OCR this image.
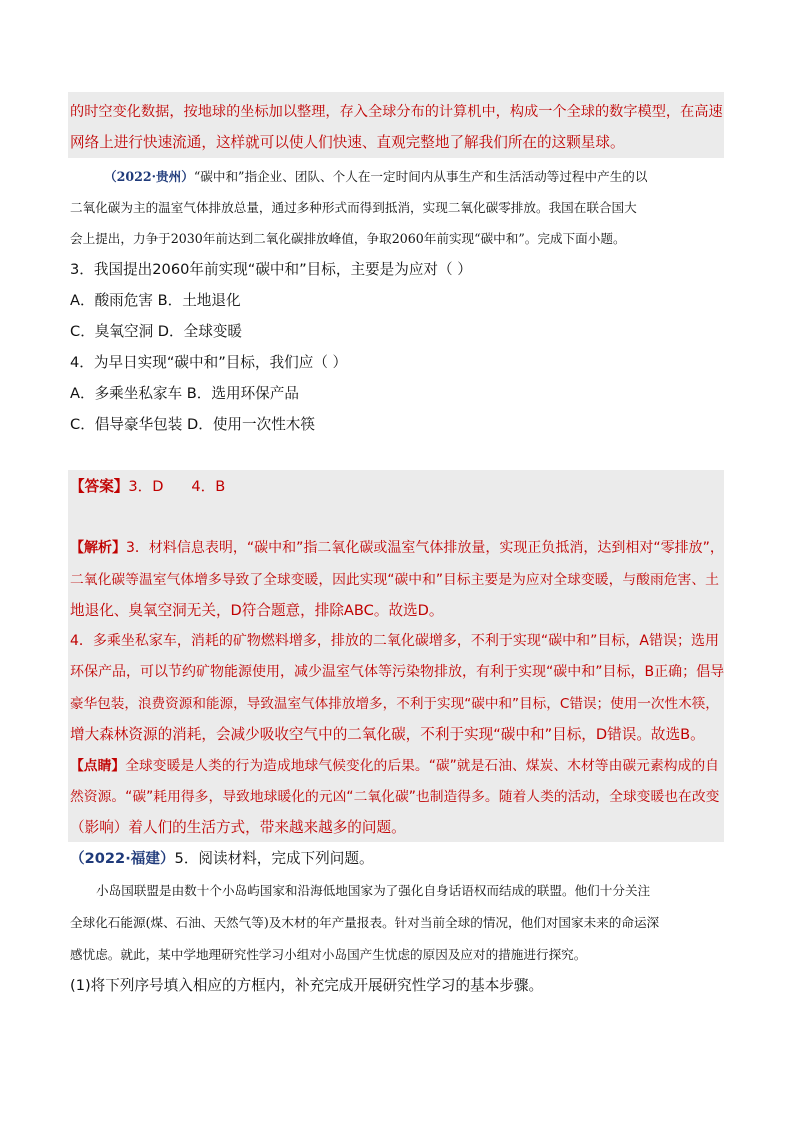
的时空变化数据，按地球的坐标加以整理，存入全球分布的计算机中，构成一个全球的数字模型，在高速
网络上进行快速流通，这样就可以使人们快速、直观完整地了解我们所在的这颗星球。
（2022·贵州）“碳中和”指企业、团队、个人在一定时间内从事生产和生活活动等过程中产生的以
二氧化碳为主的温室气体排放总量，通过多种形式而得到抵消，实现二氧化碳零排放。我国在联合国大
会上提出，力争于2030年前达到二氧化碳排放峰值，争取2060年前实现“碳中和”。完成下面小题。
3．我国提出2060年前实现“碳中和”目标，主要是为应对（ ）
A．酸雨危害 B．土地退化
C．臭氧空洞 D．全球变暖
4．为早日实现“碳中和”目标，我们应（ ）
A．多乘坐私家车 B．选用环保产品
C．倡导豪华包装 D．使用一次性木筷
【答案】3．D      4．B
【解析】3．材料信息表明，“碳中和”指二氧化碳或温室气体排放量，实现正负抵消，达到相对“零排放”，
二氧化碳等温室气体增多导致了全球变暖，因此实现“碳中和”目标主要是为应对全球变暖，与酸雨危害、土
地退化、臭氧空洞无关，D符合题意，排除ABC。故选D。
4．多乘坐私家车，消耗的矿物燃料增多，排放的二氧化碳增多，不利于实现“碳中和”目标，A错误；选用
环保产品，可以节约矿物能源使用，减少温室气体等污染物排放，有利于实现“碳中和”目标，B正确；倡导
豪华包装，浪费资源和能源，导致温室气体排放增多，不利于实现“碳中和”目标，C错误；使用一次性木筷，
增大森林资源的消耗，会减少吸收空气中的二氧化碳，不利于实现“碳中和”目标，D错误。故选B。
【点睛】全球变暖是人类的行为造成地球气候变化的后果。“碳”就是石油、煤炭、木材等由碳元素构成的自
然资源。“碳”耗用得多，导致地球暖化的元凶“二氧化碳”也制造得多。随着人类的活动，全球变暖也在改变
（影响）着人们的生活方式，带来越来越多的问题。
（2022·福建）5．阅读材料，完成下列问题。
小岛国联盟是由数十个小岛屿国家和沿海低地国家为了强化自身话语权而结成的联盟。他们十分关注
全球化石能源(煤、石油、天然气等)及木材的年产量报表。针对当前全球的情况，他们对国家未来的命运深
感忧虑。就此，某中学地理研究性学习小组对小岛国产生忧虑的原因及应对的措施进行探究。
(1)将下列序号填入相应的方框内，补充完成开展研究性学习的基本步骤。
